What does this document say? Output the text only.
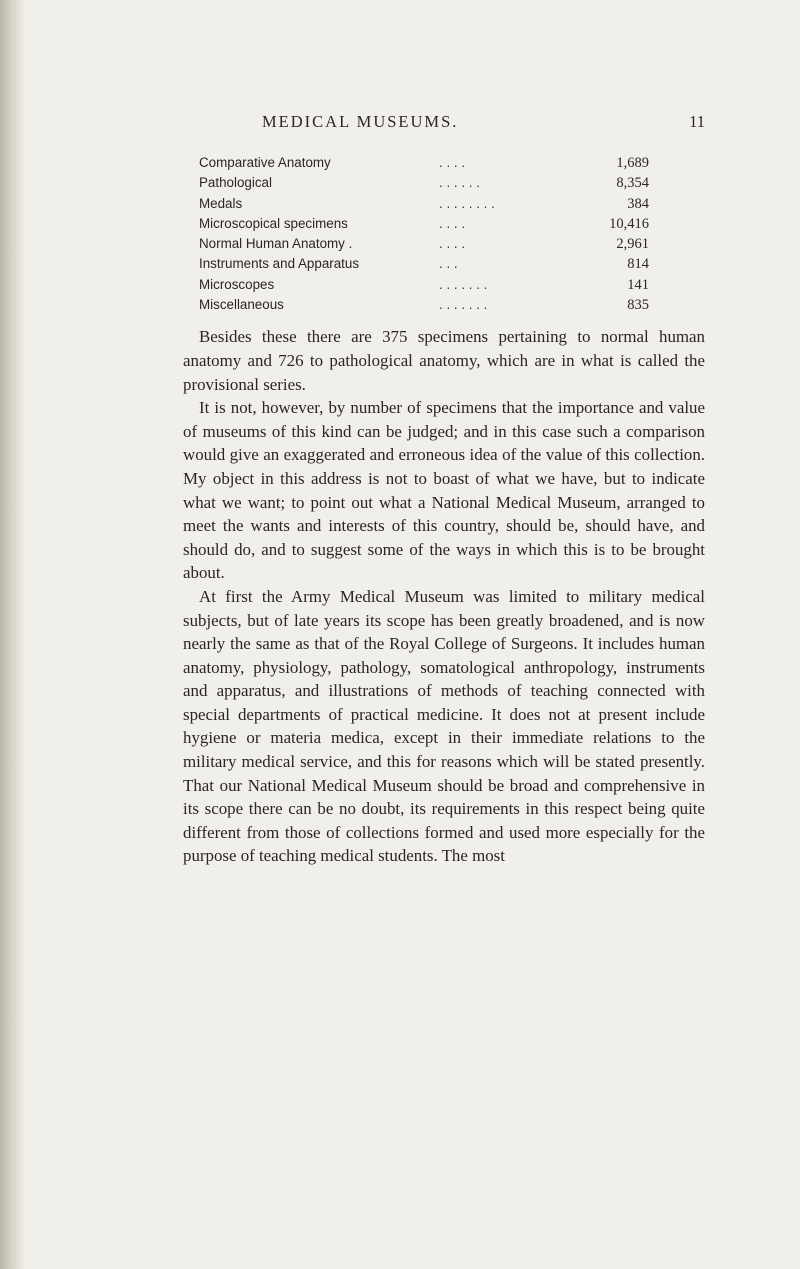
MEDICAL MUSEUMS.	11
Comparative Anatomy	. . . .	1,689
Pathological	. . . . . .	8,354
Medals	. . . . . . . .	384
Microscopical specimens	. . . .	10,416
Normal Human Anatomy .	. . . .	2,961
Instruments and Apparatus	. . .	814
Microscopes	. . . . . . .	141
Miscellaneous	. . . . . . .	835

Besides these there are 375 specimens pertaining to normal human anatomy and 726 to pathological anatomy, which are in what is called the provisional series.

It is not, however, by number of specimens that the importance and value of museums of this kind can be judged; and in this case such a comparison would give an exaggerated and erroneous idea of the value of this collection. My object in this address is not to boast of what we have, but to indicate what we want; to point out what a National Medical Museum, arranged to meet the wants and interests of this country, should be, should have, and should do, and to suggest some of the ways in which this is to be brought about.

At first the Army Medical Museum was limited to military medical subjects, but of late years its scope has been greatly broadened, and is now nearly the same as that of the Royal College of Surgeons. It includes human anatomy, physiology, pathology, somatological anthropology, instruments and apparatus, and illustrations of methods of teaching connected with special departments of practical medicine. It does not at present include hygiene or materia medica, except in their immediate relations to the military medical service, and this for reasons which will be stated presently. That our National Medical Museum should be broad and comprehensive in its scope there can be no doubt, its requirements in this respect being quite different from those of collections formed and used more especially for the purpose of teaching medical students. The most
